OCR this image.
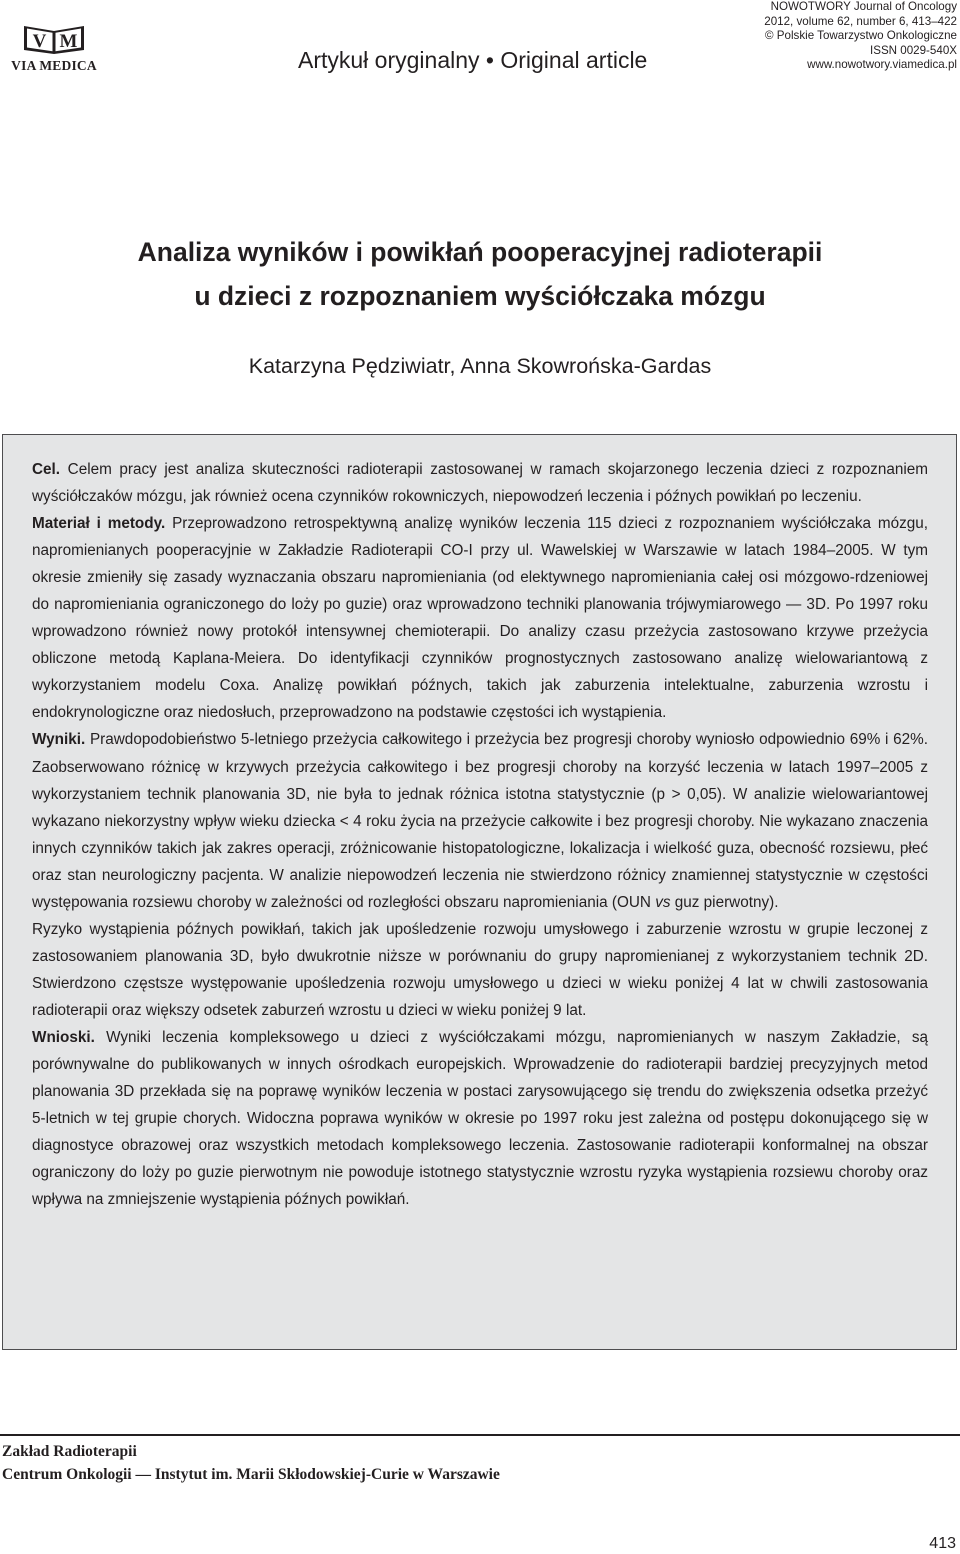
V M
VIA MEDICA	Artykuł oryginalny • Original article
NOWOTWORY Journal of Oncology
2012, volume 62, number 6, 413–422
© Polskie Towarzystwo Onkologiczne
ISSN 0029-540X
www.nowotwory.viamedica.pl
Analiza wyników i powikłań pooperacyjnej radioterapii
u dzieci z rozpoznaniem wyściółczaka mózgu
Katarzyna Pędziwiatr, Anna Skowrońska-Gardas

Cel. Celem pracy jest analiza skuteczności radioterapii zastosowanej w ramach skojarzonego leczenia dzieci z rozpoznaniem wyściółczaków mózgu, jak również ocena czynników rokowniczych, niepowodzeń leczenia i późnych powikłań po leczeniu.

Materiał i metody. Przeprowadzono retrospektywną analizę wyników leczenia 115 dzieci z rozpoznaniem wyściółczaka mózgu, napromienianych pooperacyjnie w Zakładzie Radioterapii CO-I przy ul. Wawelskiej w Warszawie w latach 1984–2005. W tym okresie zmieniły się zasady wyznaczania obszaru napromieniania (od elektywnego napromieniania całej osi mózgowo-rdzeniowej do napromieniania ograniczonego do loży po guzie) oraz wprowadzono techniki planowania trójwymiarowego — 3D. Po 1997 roku wprowadzono również nowy protokół intensywnej chemioterapii. Do analizy czasu przeżycia zastosowano krzywe przeżycia obliczone metodą Kaplana-Meiera. Do identyfikacji czynników prognostycznych zastosowano analizę wielowariantową z wykorzystaniem modelu Coxa. Analizę powikłań późnych, takich jak zaburzenia intelektualne, zaburzenia wzrostu i endokrynologiczne oraz niedosłuch, przeprowadzono na podstawie częstości ich wystąpienia.

Wyniki. Prawdopodobieństwo 5-letniego przeżycia całkowitego i przeżycia bez progresji choroby wyniosło odpowiednio 69% i 62%. Zaobserwowano różnicę w krzywych przeżycia całkowitego i bez progresji choroby na korzyść leczenia w latach 1997–2005 z wykorzystaniem technik planowania 3D, nie była to jednak różnica istotna statystycznie (p > 0,05). W analizie wielowariantowej wykazano niekorzystny wpływ wieku dziecka < 4 roku życia na przeżycie całkowite i bez progresji choroby. Nie wykazano znaczenia innych czynników takich jak zakres operacji, zróżnicowanie histopatologiczne, lokalizacja i wielkość guza, obecność rozsiewu, płeć oraz stan neurologiczny pacjenta. W analizie niepowodzeń leczenia nie stwierdzono różnicy znamiennej statystycznie w częstości występowania rozsiewu choroby w zależności od rozległości obszaru napromieniania (OUN vs guz pierwotny).

Ryzyko wystąpienia późnych powikłań, takich jak upośledzenie rozwoju umysłowego i zaburzenie wzrostu w grupie leczonej z zastosowaniem planowania 3D, było dwukrotnie niższe w porównaniu do grupy napromienianej z wykorzystaniem technik 2D. Stwierdzono częstsze występowanie upośledzenia rozwoju umysłowego u dzieci w wieku poniżej 4 lat w chwili zastosowania radioterapii oraz większy odsetek zaburzeń wzrostu u dzieci w wieku poniżej 9 lat.

Wnioski. Wyniki leczenia kompleksowego u dzieci z wyściółczakami mózgu, napromienianych w naszym Zakładzie, są porównywalne do publikowanych w innych ośrodkach europejskich. Wprowadzenie do radioterapii bardziej precyzyjnych metod planowania 3D przekłada się na poprawę wyników leczenia w postaci zarysowującego się trendu do zwiększenia odsetka przeżyć 5-letnich w tej grupie chorych. Widoczna poprawa wyników w okresie po 1997 roku jest zależna od postępu dokonującego się w diagnostyce obrazowej oraz wszystkich metodach kompleksowego leczenia. Zastosowanie radioterapii konformalnej na obszar ograniczony do loży po guzie pierwotnym nie powoduje istotnego statystycznie wzrostu ryzyka wystąpienia rozsiewu choroby oraz wpływa na zmniejszenie wystąpienia późnych powikłań.

Zakład Radioterapii
Centrum Onkologii — Instytut im. Marii Skłodowskiej-Curie w Warszawie
413
